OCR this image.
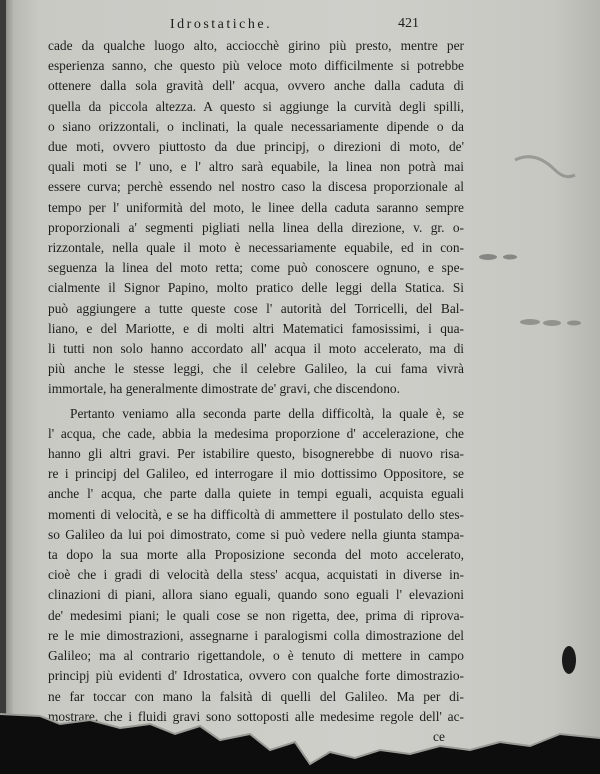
Idrostatiche.	421
cade da qualche luogo alto, acciocchè girino più presto, mentre per
esperienza sanno, che questo più veloce moto difficilmente si potrebbe
ottenere dalla sola gravità dell' acqua, ovvero anche dalla caduta di
quella da piccola altezza. A questo si aggiunge la curvità degli spilli,
o siano orizzontali, o inclinati, la quale necessariamente dipende o da
due moti, ovvero piuttosto da due principj, o direzioni di moto, de'
quali moti se l' uno, e l' altro sarà equabile, la linea non potrà mai
essere curva; perchè essendo nel nostro caso la discesa proporzionale al
tempo per l' uniformità del moto, le linee della caduta saranno sempre
proporzionali a' segmenti pigliati nella linea della direzione, v. gr. o-
rizzontale, nella quale il moto è necessariamente equabile, ed in con-
seguenza la linea del moto retta; come può conoscere ognuno, e spe-
cialmente il Signor Papino, molto pratico delle leggi della Statica. Si
può aggiungere a tutte queste cose l' autorità del Torricelli, del Bal-
liano, e del Mariotte, e di molti altri Matematici famosissimi, i qua-
li tutti non solo hanno accordato all' acqua il moto accelerato, ma di
più anche le stesse leggi, che il celebre Galileo, la cui fama vivrà
immortale, ha generalmente dimostrate de' gravi, che discendono.
Pertanto veniamo alla seconda parte della difficoltà, la quale è, se
l' acqua, che cade, abbia la medesima proporzione d' accelerazione, che
hanno gli altri gravi. Per istabilire questo, bisognerebbe di nuovo risa-
re i principj del Galileo, ed interrogare il mio dottissimo Oppositore, se
anche l' acqua, che parte dalla quiete in tempi eguali, acquista eguali
momenti di velocità, e se ha difficoltà di ammettere il postulato dello stes-
so Galileo da lui poi dimostrato, come si può vedere nella giunta stampa-
ta dopo la sua morte alla Proposizione seconda del moto accelerato,
cioè che i gradi di velocità della stess' acqua, acquistati in diverse in-
clinazioni di piani, allora siano eguali, quando sono eguali l' elevazioni
de' medesimi piani; le quali cose se non rigetta, dee, prima di riprova-
re le mie dimostrazioni, assegnarne i paralogismi colla dimostrazione del
Galileo; ma al contrario rigettandole, o è tenuto di mettere in campo
principj più evidenti d' Idrostatica, ovvero con qualche forte dimostrazio-
ne far toccar con mano la falsità di quelli del Galileo. Ma per di-
mostrare, che i fluidi gravi sono sottoposti alle medesime regole dell' ac-
ce
